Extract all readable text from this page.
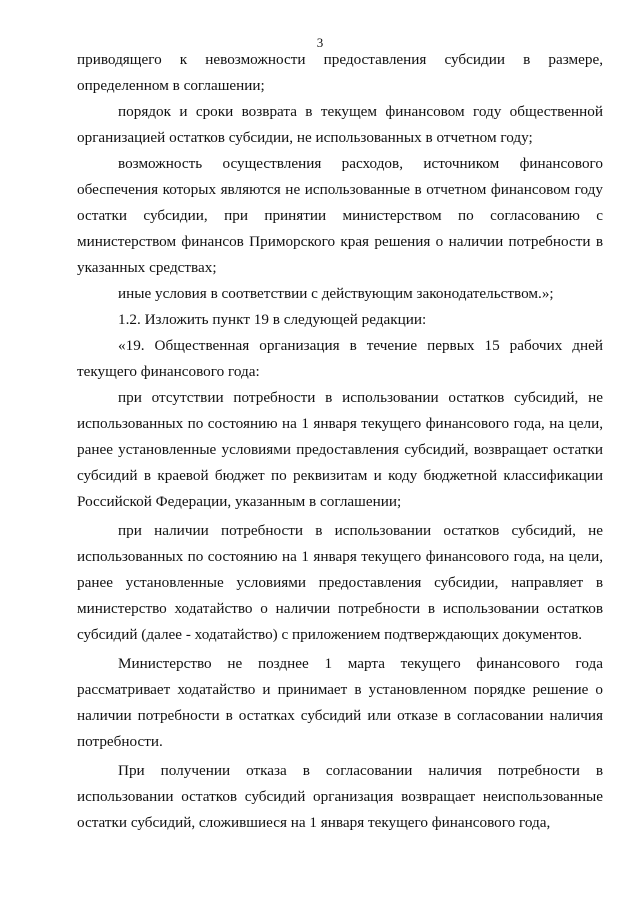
3

приводящего к невозможности предоставления субсидии в размере, определенном в соглашении;

порядок и сроки возврата в текущем финансовом году общественной организацией остатков субсидии, не использованных в отчетном году;

возможность осуществления расходов, источником финансового обеспечения которых являются не использованные в отчетном финансовом году остатки субсидии, при принятии министерством по согласованию с министерством финансов Приморского края решения о наличии потребности в указанных средствах;

иные условия в соответствии с действующим законодательством.»;

1.2. Изложить пункт 19 в следующей редакции:

«19. Общественная организация в течение первых 15 рабочих дней текущего финансового года:

при отсутствии потребности в использовании остатков субсидий, не использованных по состоянию на 1 января текущего финансового года, на цели, ранее установленные условиями предоставления субсидий, возвращает остатки субсидий в краевой бюджет по реквизитам и коду бюджетной классификации Российской Федерации, указанным в соглашении;

при наличии потребности в использовании остатков субсидий, не использованных по состоянию на 1 января текущего финансового года, на цели, ранее установленные условиями предоставления субсидии, направляет в министерство ходатайство о наличии потребности в использовании остатков субсидий (далее - ходатайство) с приложением подтверждающих документов.

Министерство не позднее 1 марта текущего финансового года рассматривает ходатайство и принимает в установленном порядке решение о наличии потребности в остатках субсидий или отказе в согласовании наличия потребности.

При получении отказа в согласовании наличия потребности в использовании остатков субсидий организация возвращает неиспользованные остатки субсидий, сложившиеся на 1 января текущего финансового года,
